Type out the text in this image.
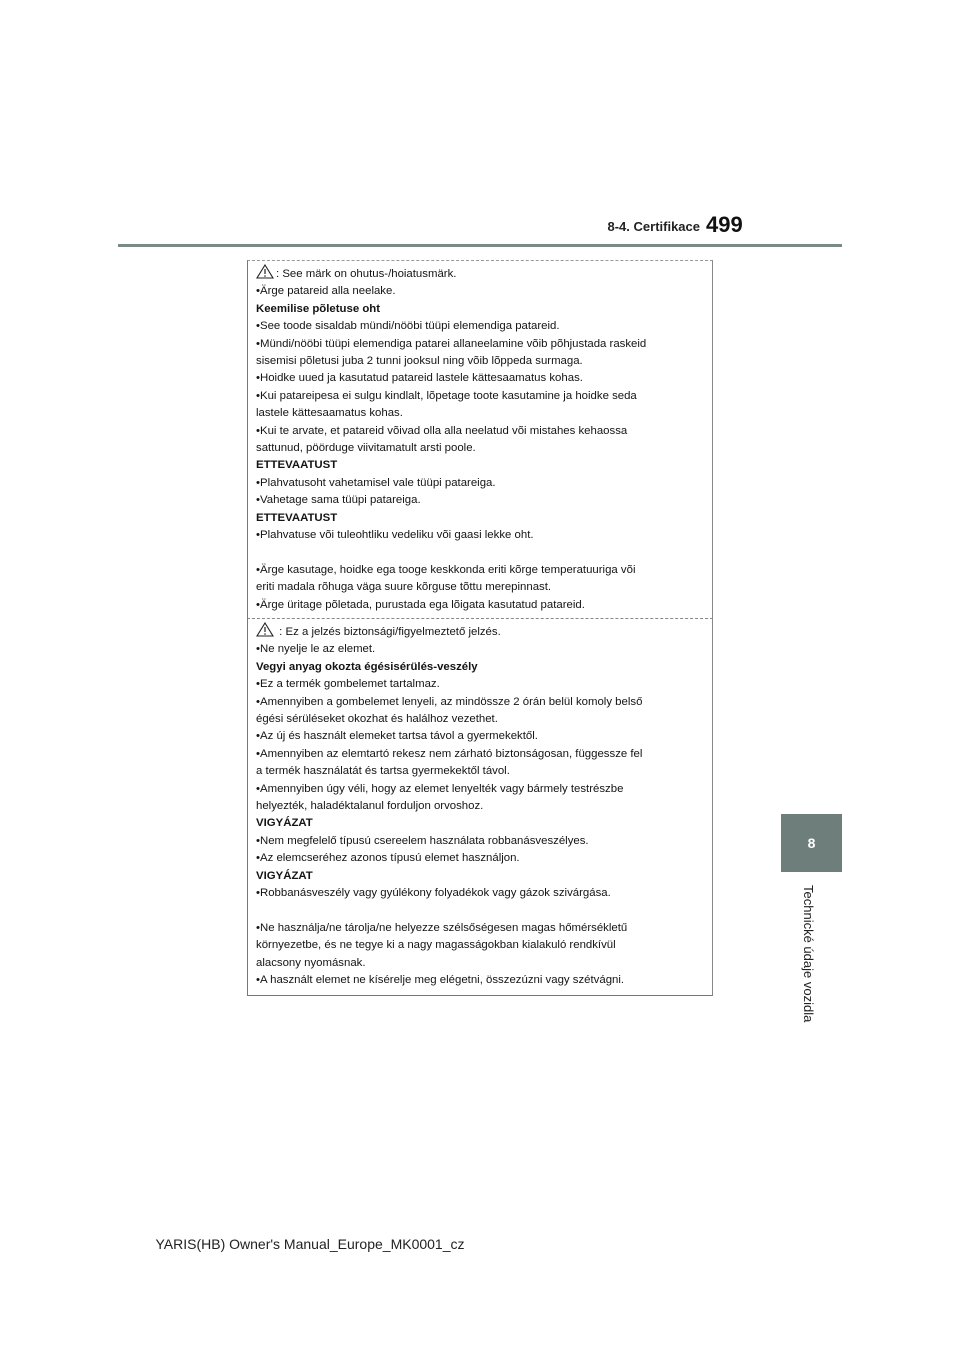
8-4. Certifikace 499
8
Technické údaje vozidla
: See märk on ohutus-/hoiatusmärk.
•Ärge patareid alla neelake.
Keemilise põletuse oht
•See toode sisaldab mündi/nööbi tüüpi elemendiga patareid.
•Mündi/nööbi tüüpi elemendiga patarei allaneelamine võib põhjustada raskeid
sisemisi põletusi juba 2 tunni jooksul ning võib lõppeda surmaga.
•Hoidke uued ja kasutatud patareid lastele kättesaamatus kohas.
•Kui patareipesa ei sulgu kindlalt, lõpetage toote kasutamine ja hoidke seda
lastele kättesaamatus kohas.
•Kui te arvate, et patareid võivad olla alla neelatud või mistahes kehaossa
sattunud, pöörduge viivitamatult arsti poole.
ETTEVAATUST
•Plahvatusoht vahetamisel vale tüüpi patareiga.
•Vahetage sama tüüpi patareiga.
ETTEVAATUST
•Plahvatuse või tuleohtliku vedeliku või gaasi lekke oht.
•Ärge kasutage, hoidke ega tooge keskkonda eriti kõrge temperatuuriga või
eriti madala rõhuga väga suure kõrguse tõttu merepinnast.
•Ärge üritage põletada, purustada ega lõigata kasutatud patareid.
: Ez a jelzés biztonsági/figyelmeztető jelzés.
•Ne nyelje le az elemet.
Vegyi anyag okozta égésisérülés-veszély
•Ez a termék gombelemet tartalmaz.
•Amennyiben a gombelemet lenyeli, az mindössze 2 órán belül komoly belső
égési sérüléseket okozhat és halálhoz vezethet.
•Az új és használt elemeket tartsa távol a gyermekektől.
•Amennyiben az elemtartó rekesz nem zárható biztonságosan, függessze fel
a termék használatát és tartsa gyermekektől távol.
•Amennyiben úgy véli, hogy az elemet lenyelték vagy bármely testrészbe
helyezték, haladéktalanul forduljon orvoshoz.
VIGYÁZAT
•Nem megfelelő típusú csereelem használata robbanásveszélyes.
•Az elemcseréhez azonos típusú elemet használjon.
VIGYÁZAT
•Robbanásveszély vagy gyúlékony folyadékok vagy gázok szivárgása.
•Ne használja/ne tárolja/ne helyezze szélsőségesen magas hőmérsékletű
környezetbe, és ne tegye ki a nagy magasságokban kialakuló rendkívül
alacsony nyomásnak.
•A használt elemet ne kísérelje meg elégetni, összezúzni vagy szétvágni.
YARIS(HB) Owner's Manual_Europe_MK0001_cz
